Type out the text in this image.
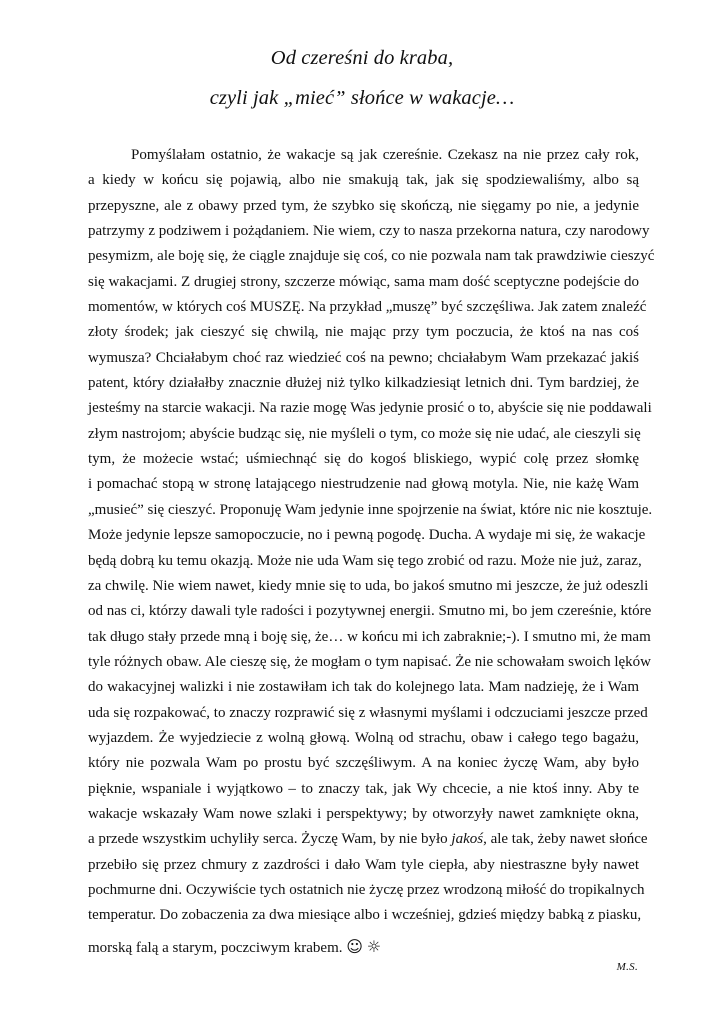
Od czereśni do kraba,
czyli jak „mieć” słońce w wakacje…
Pomyślałam ostatnio, że wakacje są jak czereśnie. Czekasz na nie przez cały rok,
a kiedy w końcu się pojawią, albo nie smakują tak, jak się spodziewaliśmy, albo są
przepyszne, ale z obawy przed tym, że szybko się skończą, nie sięgamy po nie, a jedynie
patrzymy z podziwem i pożądaniem. Nie wiem, czy to nasza przekorna natura, czy narodowy
pesymizm, ale boję się, że ciągle znajduje się coś, co nie pozwala nam tak prawdziwie cieszyć
się wakacjami. Z drugiej strony, szczerze mówiąc, sama mam dość sceptyczne podejście do
momentów, w których coś MUSZĘ. Na przykład „muszę” być szczęśliwa. Jak zatem znaleźć
złoty środek; jak cieszyć się chwilą, nie mając przy tym poczucia, że ktoś na nas coś
wymusza? Chciałabym choć raz wiedzieć coś na pewno; chciałabym Wam przekazać jakiś
patent, który działałby znacznie dłużej niż tylko kilkadziesiąt letnich dni. Tym bardziej, że
jesteśmy na starcie wakacji. Na razie mogę Was jedynie prosić o to, abyście się nie poddawali
złym nastrojom; abyście budząc się, nie myśleli o tym, co może się nie udać, ale cieszyli się
tym, że możecie wstać; uśmiechnąć się do kogoś bliskiego, wypić colę przez słomkę
i pomachać stopą w stronę latającego niestrudzenie nad głową motyla. Nie, nie każę Wam
„musieć” się cieszyć. Proponuję Wam jedynie inne spojrzenie na świat, które nic nie kosztuje.
Może jedynie lepsze samopoczucie, no i pewną pogodę. Ducha. A wydaje mi się, że wakacje
będą dobrą ku temu okazją. Może nie uda Wam się tego zrobić od razu. Może nie już, zaraz,
za chwilę. Nie wiem nawet, kiedy mnie się to uda, bo jakoś smutno mi jeszcze, że już odeszli
od nas ci, którzy dawali tyle radości i pozytywnej energii. Smutno mi, bo jem czereśnie, które
tak długo stały przede mną i boję się, że… w końcu mi ich zabraknie;-). I smutno mi, że mam
tyle różnych obaw. Ale cieszę się, że mogłam o tym napisać. Że nie schowałam swoich lęków
do wakacyjnej walizki i nie zostawiłam ich tak do kolejnego lata. Mam nadzieję, że i Wam
uda się rozpakować, to znaczy rozprawić się z własnymi myślami i odczuciami jeszcze przed
wyjazdem. Że wyjedziecie z wolną głową. Wolną od strachu, obaw i całego tego bagażu,
który nie pozwala Wam po prostu być szczęśliwym. A na koniec życzę Wam, aby było
pięknie, wspaniale i wyjątkowo – to znaczy tak, jak Wy chcecie, a nie ktoś inny. Aby te
wakacje wskazały Wam nowe szlaki i perspektywy; by otworzyły nawet zamknięte okna,
a przede wszystkim uchyliły serca. Życzę Wam, by nie było jakoś, ale tak, żeby nawet słońce
przebiło się przez chmury z zazdrości i dało Wam tyle ciepła, aby niestraszne były nawet
pochmurne dni. Oczywiście tych ostatnich nie życzę przez wrodzoną miłość do tropikalnych
temperatur. Do zobaczenia za dwa miesiące albo i wcześniej, gdzieś między babką z piasku,
morską falą a starym, poczciwym krabem. ☺ ☼
M.S.
